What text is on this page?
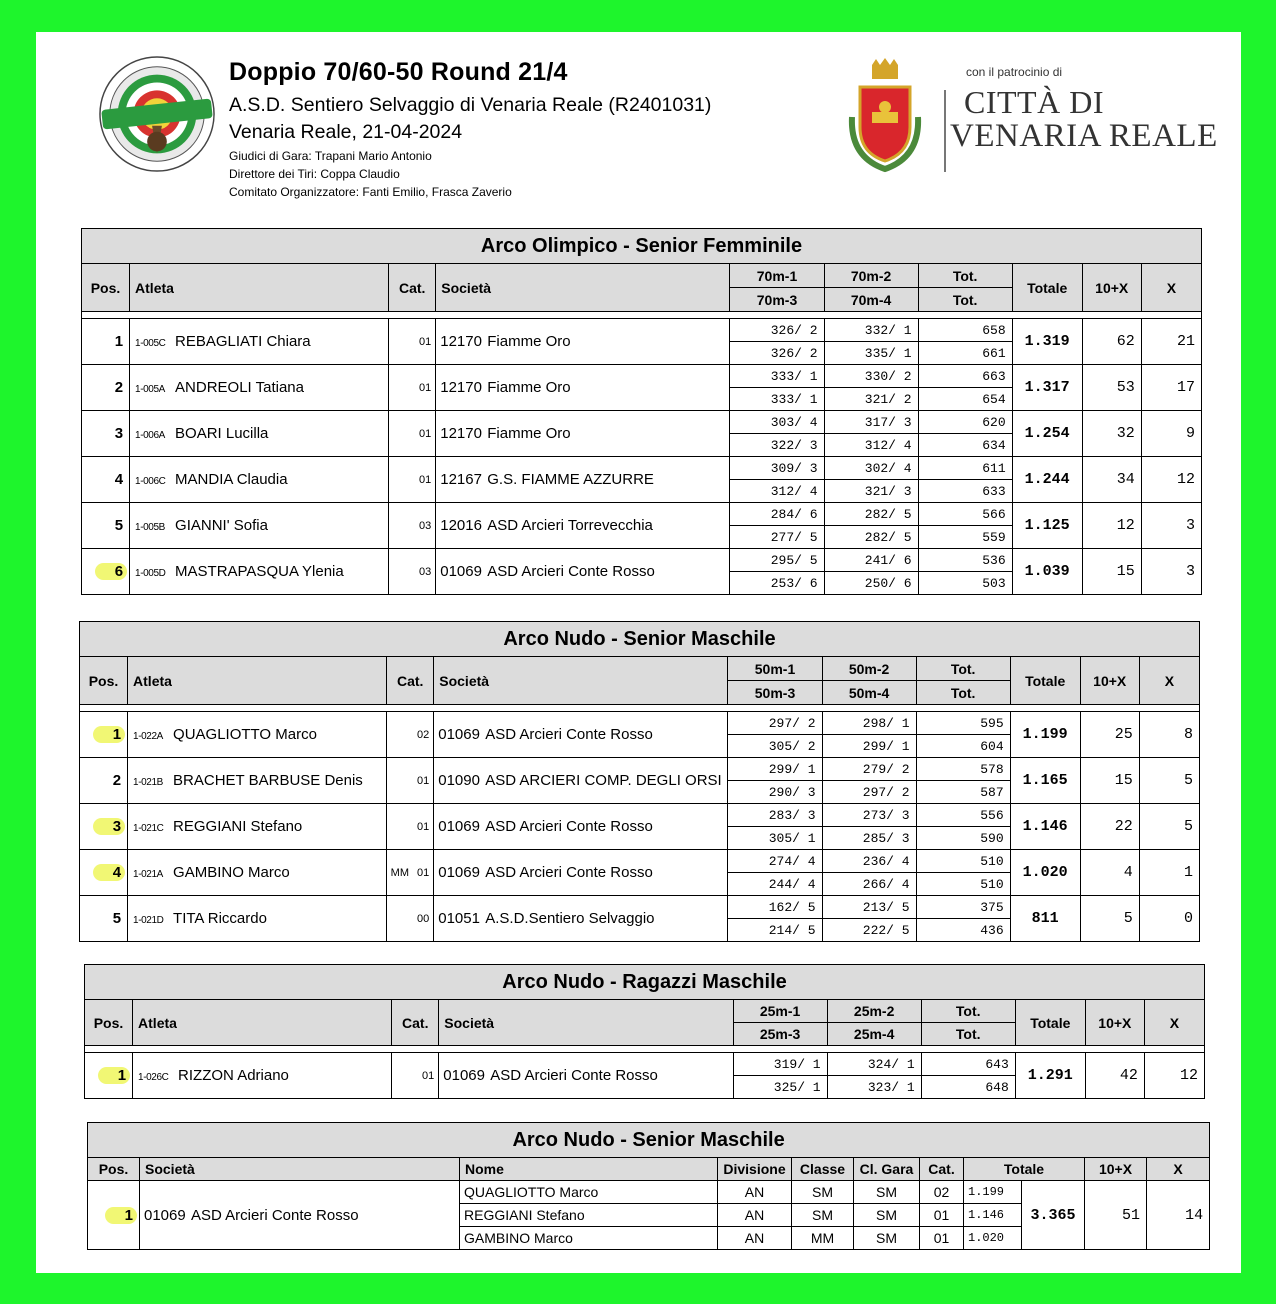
Doppio 70/60-50 Round 21/4

A.S.D. Sentiero Selvaggio di Venaria Reale (R2401031)

Venaria Reale, 21-04-2024

Giudici di Gara: Trapani Mario Antonio

Direttore dei Tiri: Coppa Claudio

Comitato Organizzatore: Fanti Emilio, Frasca Zaverio

con il patrocinio di
CITTÀ DI
VENARIA REALE
Arco Olimpico - Senior Femminile									
Pos.	Atleta	Cat.	Società	70m-1	70m-2	Tot.	Totale	10+X	X
				70m-3	70m-4	Tot.			

1	1-005C REBAGLIATI Chiara	01	12170 Fiamme Oro	326/ 2	332/ 1	658	1.319	62	21
				326/ 2	335/ 1	661			
2	1-005A ANDREOLI Tatiana	01	12170 Fiamme Oro	333/ 1	330/ 2	663	1.317	53	17
				333/ 1	321/ 2	654			
3	1-006A BOARI Lucilla	01	12170 Fiamme Oro	303/ 4	317/ 3	620	1.254	32	9
				322/ 3	312/ 4	634			
4	1-006C MANDIA Claudia	01	12167 G.S. FIAMME AZZURRE	309/ 3	302/ 4	611	1.244	34	12
				312/ 4	321/ 3	633			
5	1-005B GIANNI' Sofia	03	12016 ASD Arcieri Torrevecchia	284/ 6	282/ 5	566	1.125	12	3
				277/ 5	282/ 5	559			
6	1-005D MASTRAPASQUA Ylenia	03	01069 ASD Arcieri Conte Rosso	295/ 5	241/ 6	536	1.039	15	3
				253/ 6	250/ 6	503			
Arco Nudo - Senior Maschile									
Pos.	Atleta	Cat.	Società	50m-1	50m-2	Tot.	Totale	10+X	X
				50m-3	50m-4	Tot.			

1	1-022A QUAGLIOTTO Marco	02	01069 ASD Arcieri Conte Rosso	297/ 2	298/ 1	595	1.199	25	8
				305/ 2	299/ 1	604			
2	1-021B BRACHET BARBUSE Denis	01	01090 ASD ARCIERI COMP. DEGLI ORSI	299/ 1	279/ 2	578	1.165	15	5
				290/ 3	297/ 2	587			
3	1-021C REGGIANI Stefano	01	01069 ASD Arcieri Conte Rosso	283/ 3	273/ 3	556	1.146	22	5
				305/ 1	285/ 3	590			
4	1-021A GAMBINO Marco	MM 01	01069 ASD Arcieri Conte Rosso	274/ 4	236/ 4	510	1.020	4	1
				244/ 4	266/ 4	510			
5	1-021D TITA Riccardo	00	01051 A.S.D.Sentiero Selvaggio	162/ 5	213/ 5	375	811	5	0
				214/ 5	222/ 5	436			
Arco Nudo - Ragazzi Maschile									
Pos.	Atleta	Cat.	Società	25m-1	25m-2	Tot.	Totale	10+X	X
				25m-3	25m-4	Tot.			

1	1-026C RIZZON Adriano	01	01069 ASD Arcieri Conte Rosso	319/ 1	324/ 1	643	1.291	42	12
				325/ 1	323/ 1	648			
Arco Nudo - Senior Maschile										
Pos.	Società	Nome	Divisione	Classe	Cl. Gara	Cat.	Totale		10+X	X
1	01069 ASD Arcieri Conte Rosso	QUAGLIOTTO Marco	AN	SM	SM	02	1.199	3.365	51	14
		REGGIANI Stefano	AN	SM	SM	01	1.146			
		GAMBINO Marco	AN	MM	SM	01	1.020			
